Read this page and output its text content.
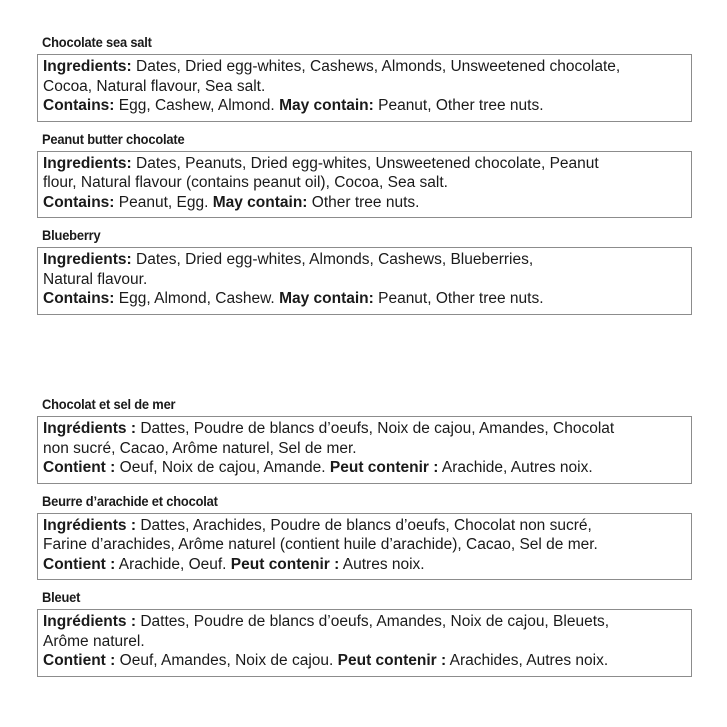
Chocolate sea salt
Ingredients: Dates, Dried egg-whites, Cashews, Almonds, Unsweetened chocolate,
Cocoa, Natural flavour, Sea salt.
Contains: Egg, Cashew, Almond. May contain: Peanut, Other tree nuts.
Peanut butter chocolate
Ingredients: Dates, Peanuts, Dried egg-whites, Unsweetened chocolate, Peanut
flour, Natural flavour (contains peanut oil), Cocoa, Sea salt.
Contains: Peanut, Egg. May contain: Other tree nuts.
Blueberry
Ingredients: Dates, Dried egg-whites, Almonds, Cashews, Blueberries,
Natural flavour.
Contains: Egg, Almond, Cashew. May contain: Peanut, Other tree nuts.
Chocolat et sel de mer
Ingrédients : Dattes, Poudre de blancs d’oeufs, Noix de cajou, Amandes, Chocolat
non sucré, Cacao, Arôme naturel, Sel de mer.
Contient : Oeuf, Noix de cajou, Amande. Peut contenir : Arachide, Autres noix.
Beurre d’arachide et chocolat
Ingrédients : Dattes, Arachides, Poudre de blancs d’oeufs, Chocolat non sucré,
Farine d’arachides, Arôme naturel (contient huile d’arachide), Cacao, Sel de mer.
Contient : Arachide, Oeuf. Peut contenir : Autres noix.
Bleuet
Ingrédients : Dattes, Poudre de blancs d’oeufs, Amandes, Noix de cajou, Bleuets,
Arôme naturel.
Contient : Oeuf, Amandes, Noix de cajou. Peut contenir : Arachides, Autres noix.
